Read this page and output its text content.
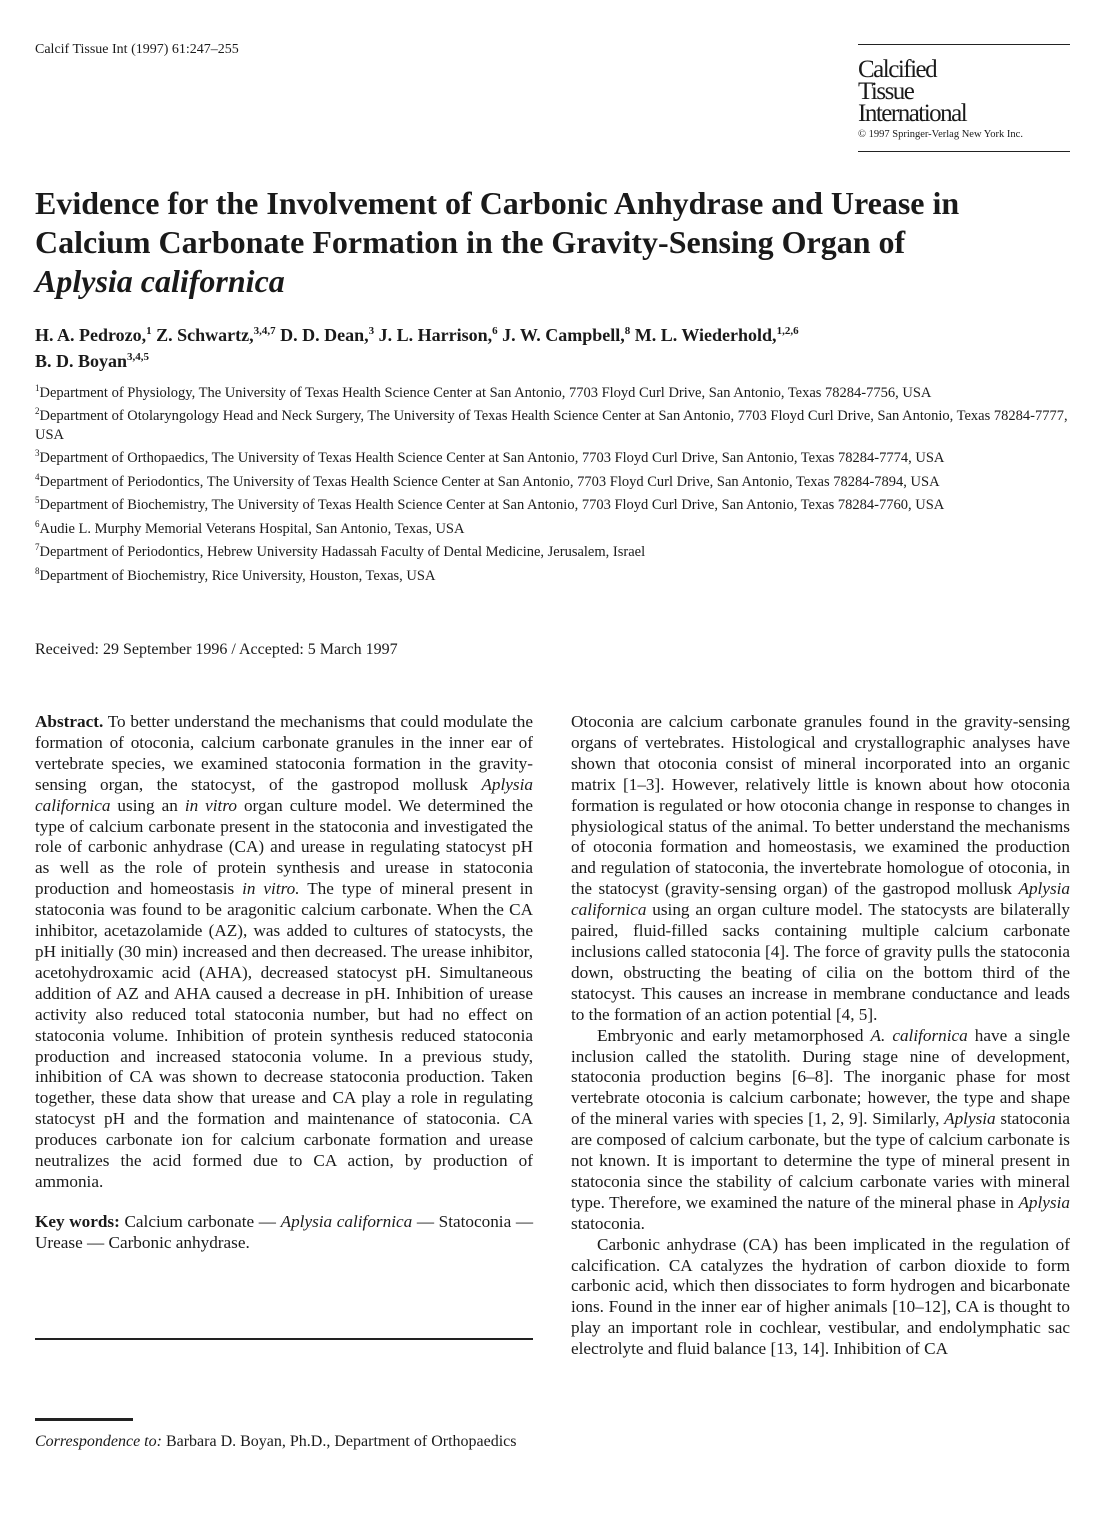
Calcif Tissue Int (1997) 61:247–255
Calcified
Tissue
International
© 1997 Springer-Verlag New York Inc.
Evidence for the Involvement of Carbonic Anhydrase and Urease in
Calcium Carbonate Formation in the Gravity-Sensing Organ of
Aplysia californica
H. A. Pedrozo,$^1$ Z. Schwartz,$^{3,4,7}$ D. D. Dean,$^3$ J. L. Harrison,$^6$ J. W. Campbell,$^8$ M. L. Wiederhold,$^{1,2,6}$
B. D. Boyan$^{3,4,5}$

$^1$Department of Physiology, The University of Texas Health Science Center at San Antonio, 7703 Floyd Curl Drive, San Antonio, Texas 78284-7756, USA

$^2$Department of Otolaryngology Head and Neck Surgery, The University of Texas Health Science Center at San Antonio, 7703 Floyd Curl Drive, San Antonio, Texas 78284-7777, USA

$^3$Department of Orthopaedics, The University of Texas Health Science Center at San Antonio, 7703 Floyd Curl Drive, San Antonio, Texas 78284-7774, USA

$^4$Department of Periodontics, The University of Texas Health Science Center at San Antonio, 7703 Floyd Curl Drive, San Antonio, Texas 78284-7894, USA

$^5$Department of Biochemistry, The University of Texas Health Science Center at San Antonio, 7703 Floyd Curl Drive, San Antonio, Texas 78284-7760, USA

$^6$Audie L. Murphy Memorial Veterans Hospital, San Antonio, Texas, USA

$^7$Department of Periodontics, Hebrew University Hadassah Faculty of Dental Medicine, Jerusalem, Israel

$^8$Department of Biochemistry, Rice University, Houston, Texas, USA

Received: 29 September 1996 / Accepted: 5 March 1997

Abstract. To better understand the mechanisms that could modulate the formation of otoconia, calcium carbonate granules in the inner ear of vertebrate species, we examined statoconia formation in the gravity-sensing organ, the statocyst, of the gastropod mollusk Aplysia californica using an in vitro organ culture model. We determined the type of calcium carbonate present in the statoconia and investigated the role of carbonic anhydrase (CA) and urease in regulating statocyst pH as well as the role of protein synthesis and urease in statoconia production and homeostasis in vitro. The type of mineral present in statoconia was found to be aragonitic calcium carbonate. When the CA inhibitor, acetazolamide (AZ), was added to cultures of statocysts, the pH initially (30 min) increased and then decreased. The urease inhibitor, acetohydroxamic acid (AHA), decreased statocyst pH. Simultaneous addition of AZ and AHA caused a decrease in pH. Inhibition of urease activity also reduced total statoconia number, but had no effect on statoconia volume. Inhibition of protein synthesis reduced statoconia production and increased statoconia volume. In a previous study, inhibition of CA was shown to decrease statoconia production. Taken together, these data show that urease and CA play a role in regulating statocyst pH and the formation and maintenance of statoconia. CA produces carbonate ion for calcium carbonate formation and urease neutralizes the acid formed due to CA action, by production of ammonia.

Key words: Calcium carbonate — Aplysia californica — Statoconia — Urease — Carbonic anhydrase.

Correspondence to: Barbara D. Boyan, Ph.D., Department of Orthopaedics

Otoconia are calcium carbonate granules found in the gravity-sensing organs of vertebrates. Histological and crystallographic analyses have shown that otoconia consist of mineral incorporated into an organic matrix [1–3]. However, relatively little is known about how otoconia formation is regulated or how otoconia change in response to changes in physiological status of the animal. To better understand the mechanisms of otoconia formation and homeostasis, we examined the production and regulation of statoconia, the invertebrate homologue of otoconia, in the statocyst (gravity-sensing organ) of the gastropod mollusk Aplysia californica using an organ culture model. The statocysts are bilaterally paired, fluid-filled sacks containing multiple calcium carbonate inclusions called statoconia [4]. The force of gravity pulls the statoconia down, obstructing the beating of cilia on the bottom third of the statocyst. This causes an increase in membrane conductance and leads to the formation of an action potential [4, 5].

Embryonic and early metamorphosed A. californica have a single inclusion called the statolith. During stage nine of development, statoconia production begins [6–8]. The inorganic phase for most vertebrate otoconia is calcium carbonate; however, the type and shape of the mineral varies with species [1, 2, 9]. Similarly, Aplysia statoconia are composed of calcium carbonate, but the type of calcium carbonate is not known. It is important to determine the type of mineral present in statoconia since the stability of calcium carbonate varies with mineral type. Therefore, we examined the nature of the mineral phase in Aplysia statoconia.

Carbonic anhydrase (CA) has been implicated in the regulation of calcification. CA catalyzes the hydration of carbon dioxide to form carbonic acid, which then dissociates to form hydrogen and bicarbonate ions. Found in the inner ear of higher animals [10–12], CA is thought to play an important role in cochlear, vestibular, and endolymphatic sac electrolyte and fluid balance [13, 14]. Inhibition of CA
